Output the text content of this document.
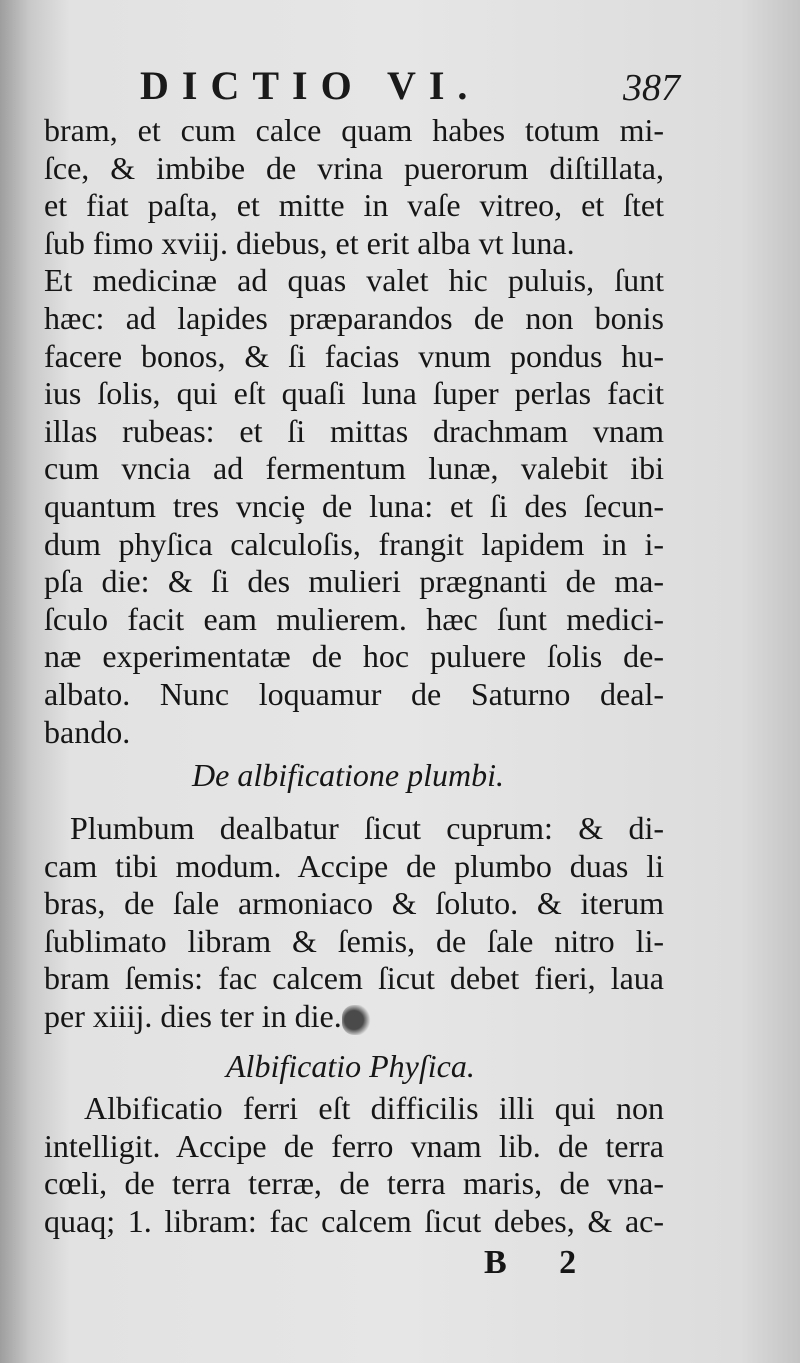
DICTIO VI.	387
bram, et cum calce quam habes totum mi-
ſce, & imbibe de vrina puerorum diſtillata,
et fiat paſta, et mitte in vaſe vitreo, et ſtet
ſub fimo xviij. diebus, et erit alba vt luna.
Et medicinæ ad quas valet hic puluis, ſunt
hæc: ad lapides præparandos de non bonis
facere bonos, & ſi facias vnum pondus hu-
ius ſolis, qui eſt quaſi luna ſuper perlas facit
illas rubeas: et ſi mittas drachmam vnam
cum vncia ad fermentum lunæ, valebit ibi
quantum tres vnciȩ de luna: et ſi des ſecun-
dum phyſica calculoſis, frangit lapidem in i-
pſa die: & ſi des mulieri prægnanti de ma-
ſculo facit eam mulierem. hæc ſunt medici-
næ experimentatæ de hoc puluere ſolis de-
albato. Nunc loquamur de Saturno deal-
bando.
De albificatione plumbi.
Plumbum dealbatur ſicut cuprum: & di-
cam tibi modum. Accipe de plumbo duas li
bras, de ſale armoniaco & ſoluto. & iterum
ſublimato libram & ſemis, de ſale nitro li-
bram ſemis: fac calcem ſicut debet fieri, laua
per xiiij. dies ter in die.
Albificatio Phyſica.
Albificatio ferri eſt difficilis illi qui non
intelligit. Accipe de ferro vnam lib. de terra
cœli, de terra terræ, de terra maris, de vna-
quaq; 1. libram: fac calcem ſicut debes, & ac-
B 2
